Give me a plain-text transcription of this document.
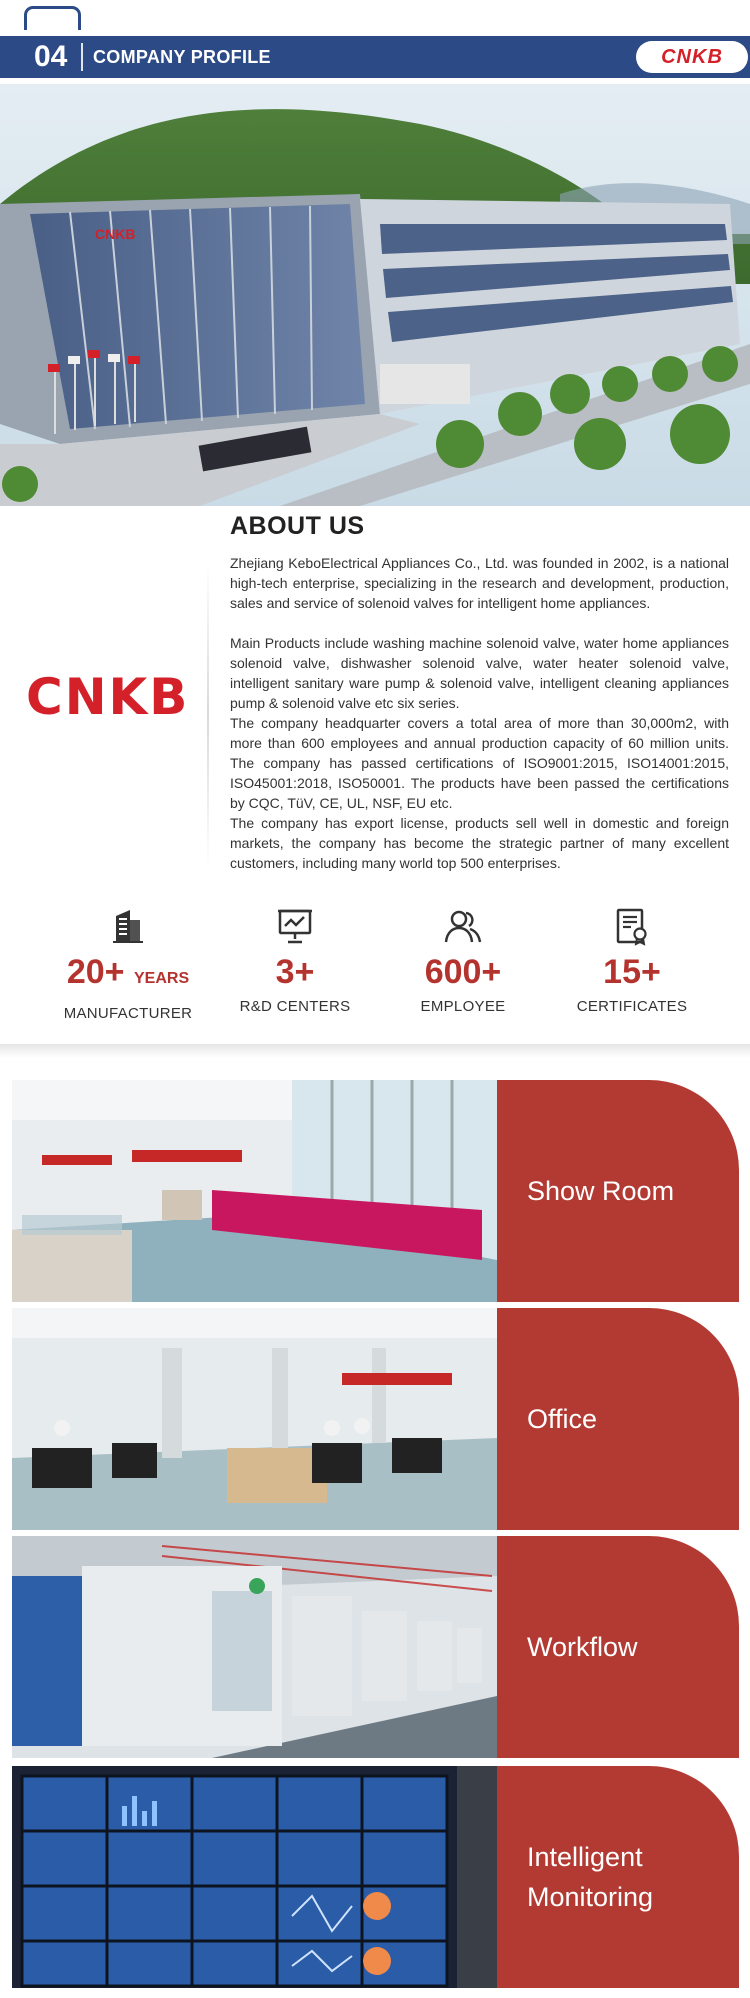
04 COMPANY PROFILE	CNKB
CNKB
ABOUT US
CNKB

Zhejiang KeboElectrical Appliances Co., Ltd. was founded in 2002, is a national high-tech enterprise, specializing in the research and development, production, sales and service of solenoid valves for intelligent home appliances.

Main Products include washing machine solenoid valve, water home appliances solenoid valve, dishwasher solenoid valve, water heater solenoid valve, intelligent sanitary ware pump & solenoid valve, intelligent cleaning appliances pump & solenoid valve etc six series.

The company headquarter covers a total area of more than 30,000m2, with more than 600 employees and annual production capacity of 60 million units. The company has passed certifications of ISO9001:2015, ISO14001:2015, ISO45001:2018, ISO50001. The products have been passed the certifications by CQC, TüV, CE, UL, NSF, EU etc.

The company has export license, products sell well in domestic and foreign markets, the company has become the strategic partner of many excellent customers, including many world top 500 enterprises.

20+ YEARS
MANUFACTURER
3+
R&D CENTERS
600+
EMPLOYEE
15+
CERTIFICATES
Show Room
Office
Workflow
Intelligent
Monitoring
